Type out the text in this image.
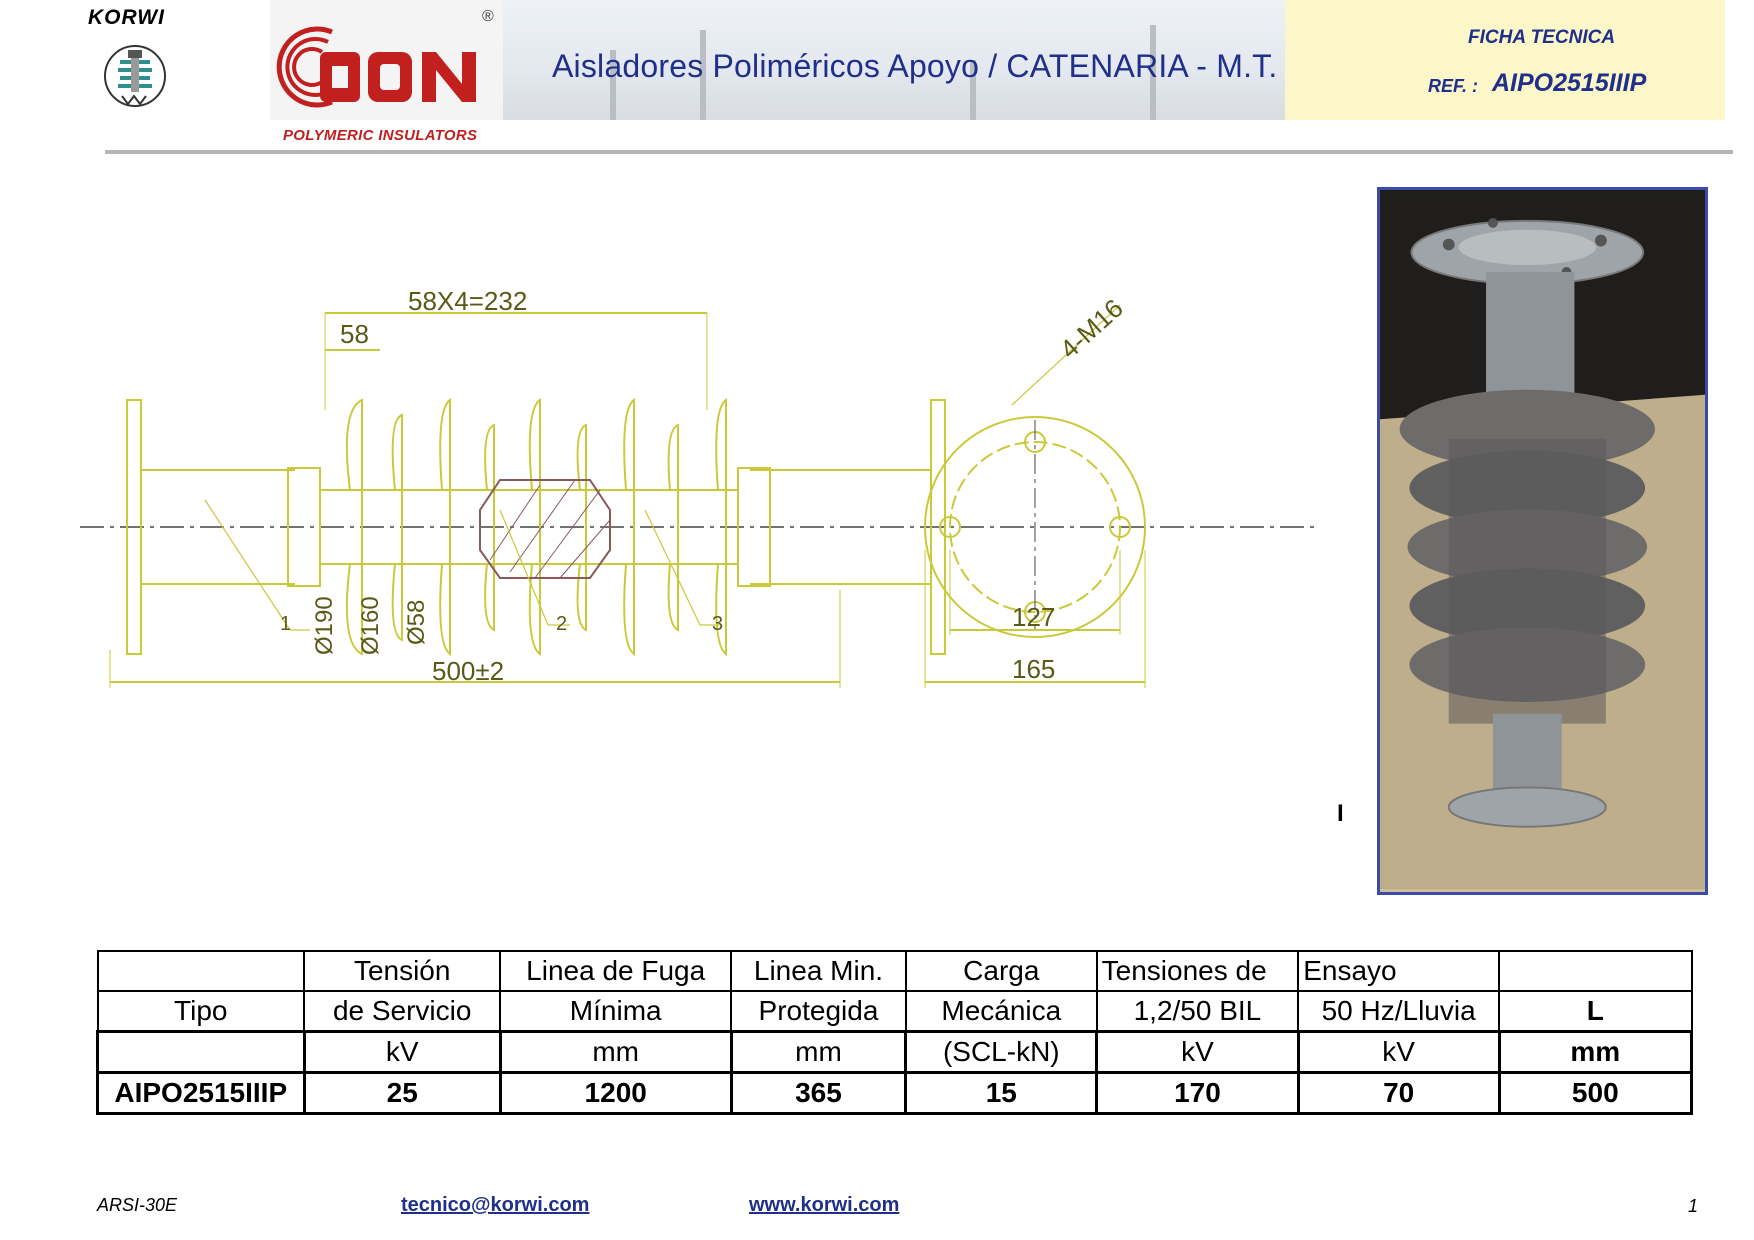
KORWI	®
POLYMERIC INSULATORS
Aisladores Poliméricos Apoyo / CATENARIA - M.T.
FICHA TECNICA
REF. : AIPO2515IIIP
58X4=232
58
Ø190 Ø160 Ø58
500±2
1	2	3
4-M16
127
165
I
	Tensión	Linea de Fuga	Linea Min.	Carga	Tensiones de	Ensayo	
Tipo	de Servicio	Mínima	Protegida	Mecánica	1,2/50 BIL	50 Hz/Lluvia	L
	kV	mm	mm	(SCL-kN)	kV	kV	mm
AIPO2515IIIP	25	1200	365	15	170	70	500
ARSI-30E	tecnico@korwi.com	www.korwi.com	1
